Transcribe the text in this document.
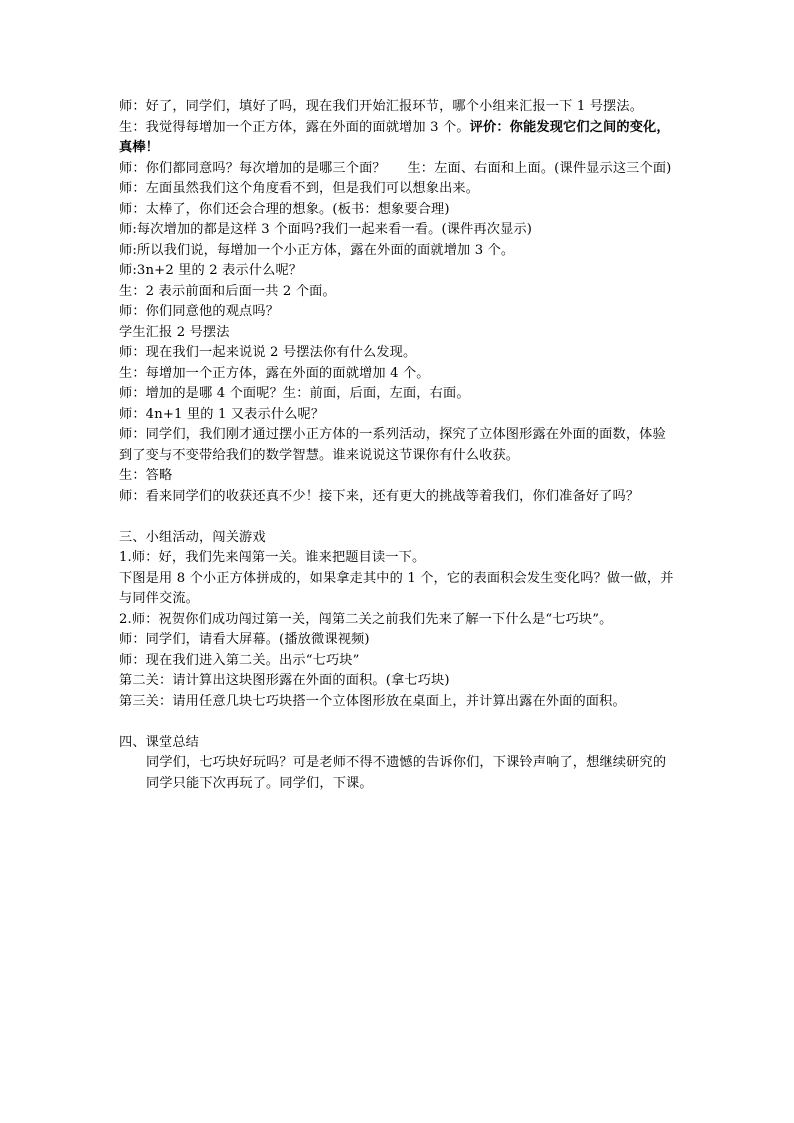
师：好了，同学们，填好了吗，现在我们开始汇报环节，哪个小组来汇报一下 1 号摆法。
生：我觉得每增加一个正方体，露在外面的面就增加 3 个。评价：你能发现它们之间的变化，真棒！
师：你们都同意吗？每次增加的是哪三个面？ 生：左面、右面和上面。(课件显示这三个面)
师：左面虽然我们这个角度看不到，但是我们可以想象出来。
师：太棒了，你们还会合理的想象。(板书：想象要合理)
师:每次增加的都是这样 3 个面吗?我们一起来看一看。(课件再次显示)
师:所以我们说，每增加一个小正方体，露在外面的面就增加 3 个。
师:3n+2 里的 2 表示什么呢？
生：2 表示前面和后面一共 2 个面。
师：你们同意他的观点吗？
学生汇报 2 号摆法
师：现在我们一起来说说 2 号摆法你有什么发现。
生：每增加一个正方体，露在外面的面就增加 4 个。
师：增加的是哪 4 个面呢？生：前面，后面，左面，右面。
师：4n+1 里的 1 又表示什么呢？
师：同学们，我们刚才通过摆小正方体的一系列活动，探究了立体图形露在外面的面数，体验到了变与不变带给我们的数学智慧。谁来说说这节课你有什么收获。
生：答略
师：看来同学们的收获还真不少！接下来，还有更大的挑战等着我们，你们准备好了吗？
三、小组活动，闯关游戏
1.师：好，我们先来闯第一关。谁来把题目读一下。
下图是用 8 个小正方体拼成的，如果拿走其中的 1 个，它的表面积会发生变化吗？做一做，并与同伴交流。
2.师：祝贺你们成功闯过第一关，闯第二关之前我们先来了解一下什么是“七巧块”。
师：同学们，请看大屏幕。(播放微课视频)
师：现在我们进入第二关。出示“七巧块”
第二关：请计算出这块图形露在外面的面积。(拿七巧块)
第三关：请用任意几块七巧块搭一个立体图形放在桌面上，并计算出露在外面的面积。
四、课堂总结
同学们，七巧块好玩吗？可是老师不得不遗憾的告诉你们，下课铃声响了，想继续研究的同学只能下次再玩了。同学们，下课。
